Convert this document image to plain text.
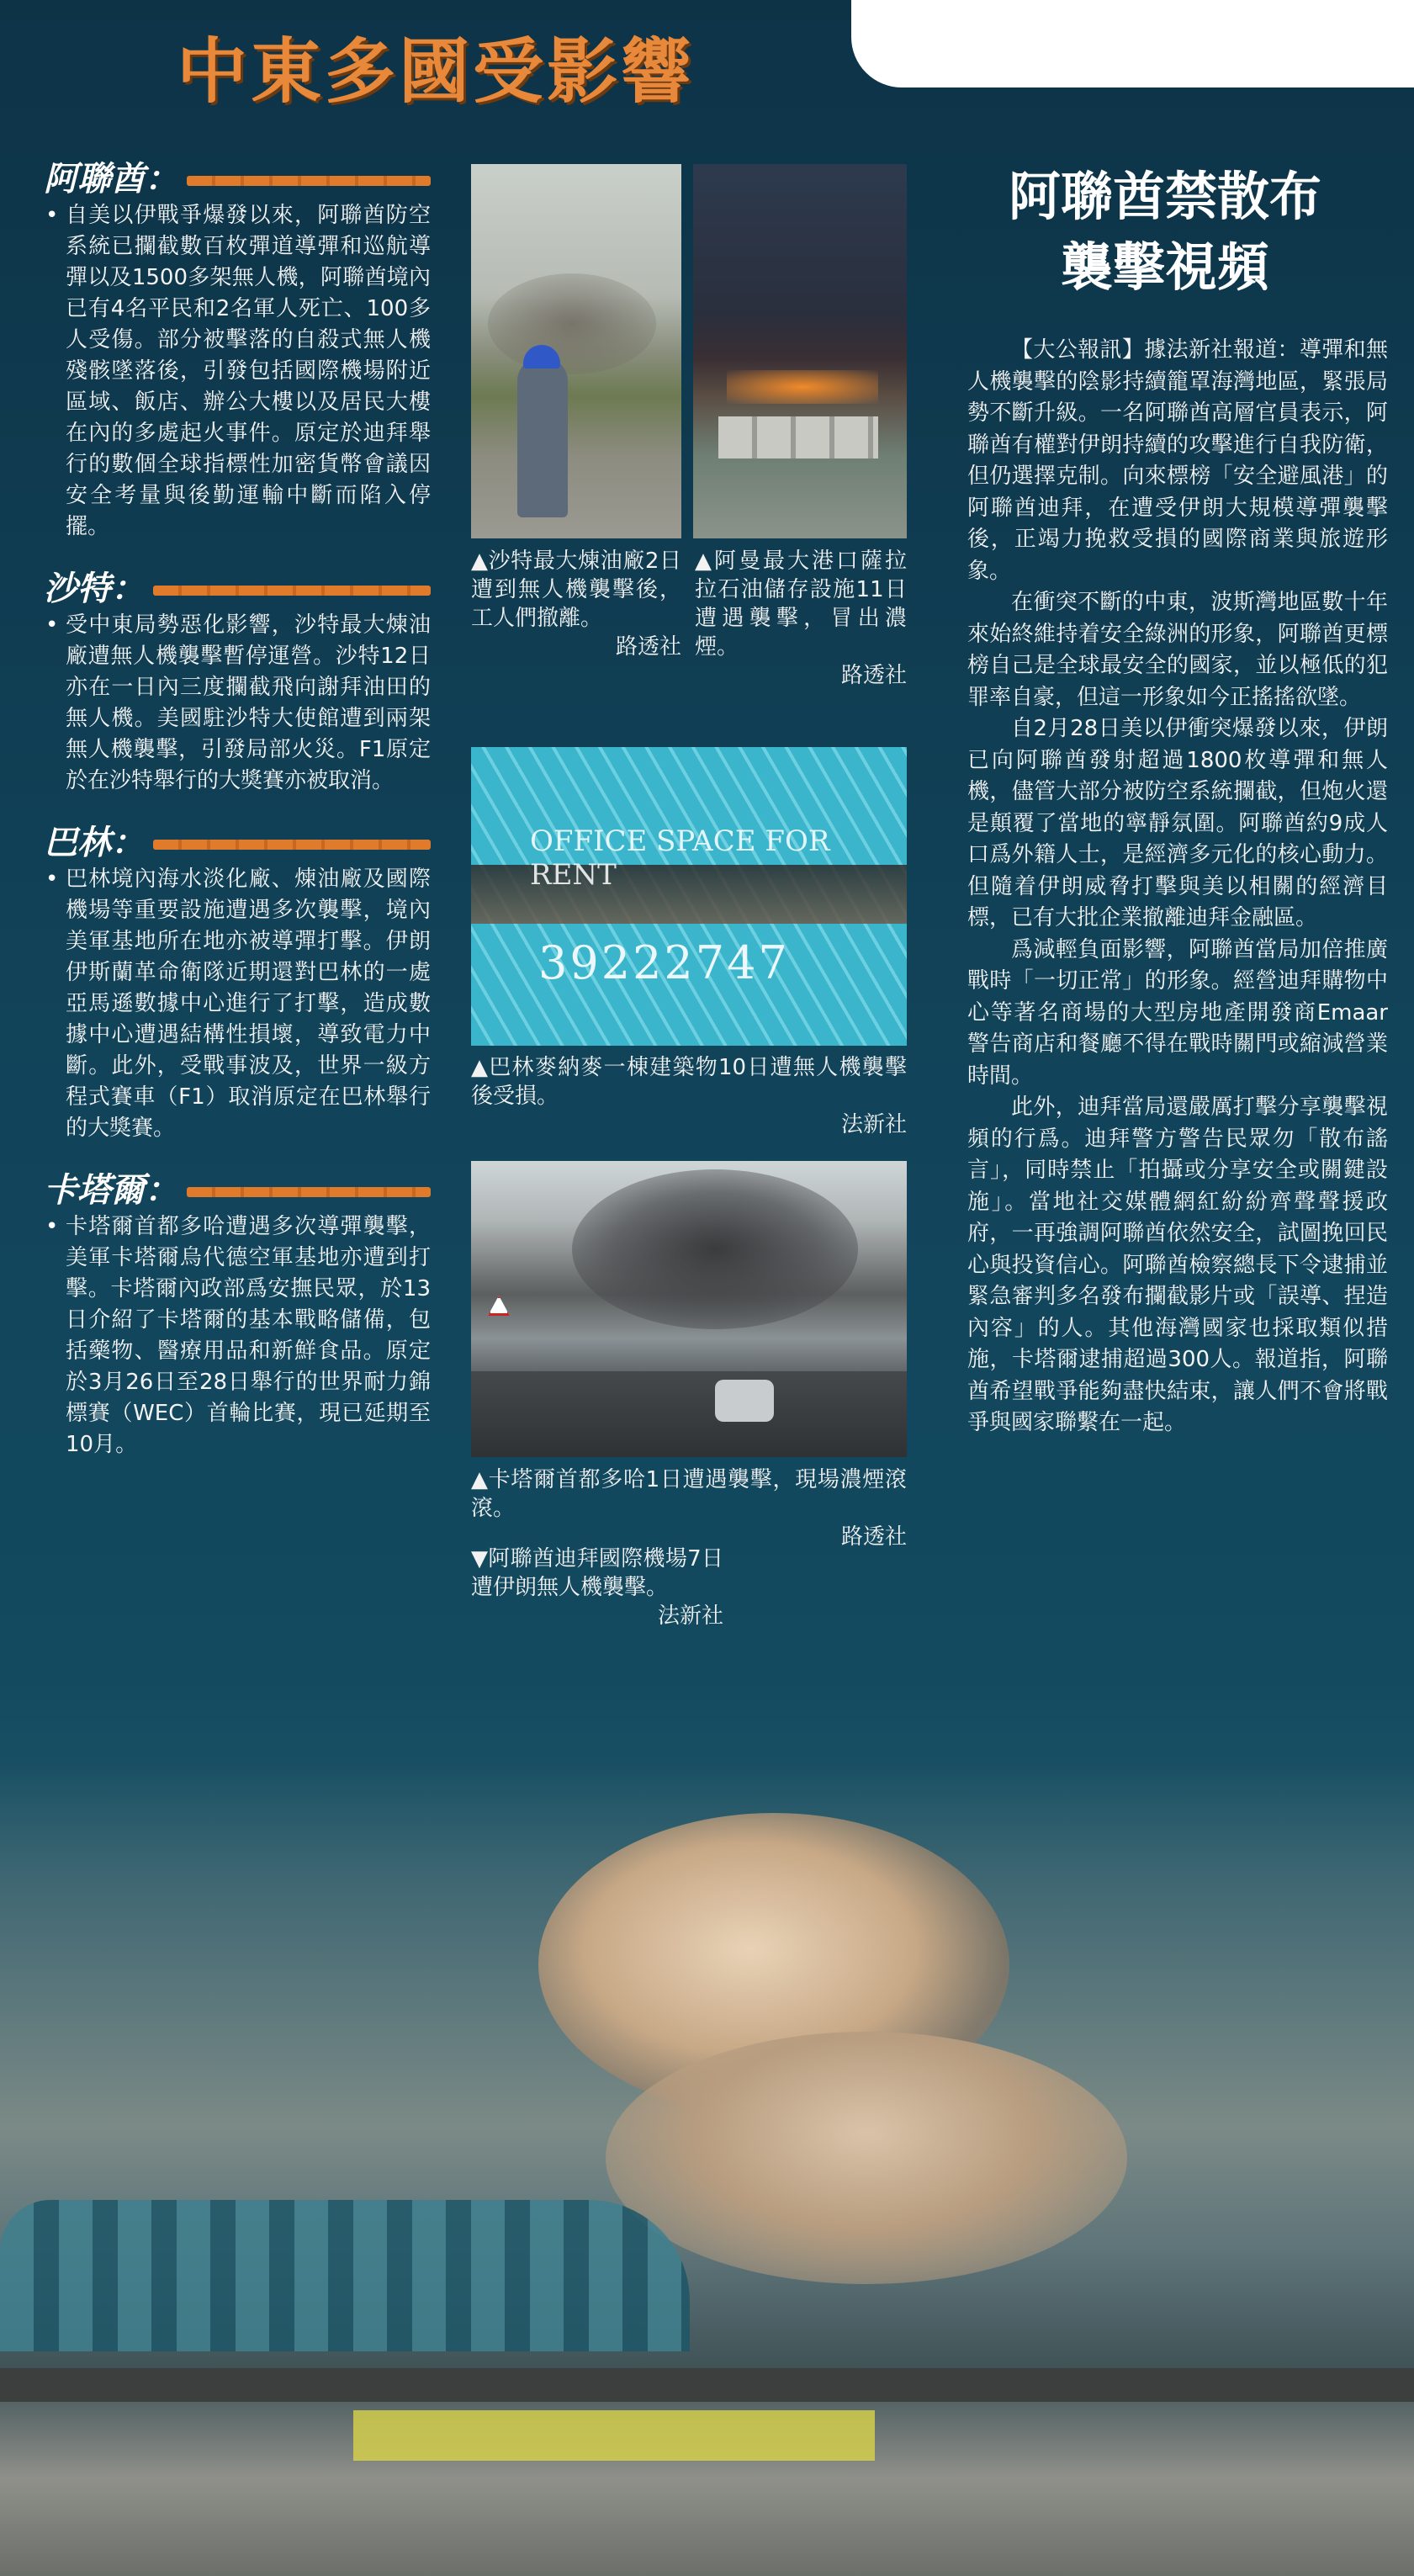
中東多國受影響
阿聯酋：
• 自美以伊戰爭爆發以來，阿聯酋防空系統已攔截數百枚彈道導彈和巡航導彈以及1500多架無人機，阿聯酋境內已有4名平民和2名軍人死亡、100多人受傷。部分被擊落的自殺式無人機殘骸墜落後，引發包括國際機場附近區域、飯店、辦公大樓以及居民大樓在內的多處起火事件。原定於迪拜舉行的數個全球指標性加密貨幣會議因安全考量與後勤運輸中斷而陷入停擺。
沙特：
• 受中東局勢惡化影響，沙特最大煉油廠遭無人機襲擊暫停運營。沙特12日亦在一日內三度攔截飛向謝拜油田的無人機。美國駐沙特大使館遭到兩架無人機襲擊，引發局部火災。F1原定於在沙特舉行的大獎賽亦被取消。
巴林：
• 巴林境內海水淡化廠、煉油廠及國際機場等重要設施遭遇多次襲擊，境內美軍基地所在地亦被導彈打擊。伊朗伊斯蘭革命衛隊近期還對巴林的一處亞馬遜數據中心進行了打擊，造成數據中心遭遇結構性損壞，導致電力中斷。此外，受戰事波及，世界一級方程式賽車（F1）取消原定在巴林舉行的大獎賽。
卡塔爾：
• 卡塔爾首都多哈遭遇多次導彈襲擊，美軍卡塔爾烏代德空軍基地亦遭到打擊。卡塔爾內政部爲安撫民眾，於13日介紹了卡塔爾的基本戰略儲備，包括藥物、醫療用品和新鮮食品。原定於3月26日至28日舉行的世界耐力錦標賽（WEC）首輪比賽，現已延期至10月。
▲沙特最大煉油廠2日遭到無人機襲擊後，工人們撤離。
路透社
▲阿曼最大港口薩拉拉石油儲存設施11日遭遇襲擊，冒出濃煙。
路透社
OFFICE SPACE FOR RENT
39222747
▲巴林麥納麥一棟建築物10日遭無人機襲擊後受損。
法新社
▲卡塔爾首都多哈1日遭遇襲擊，現場濃煙滾滾。
路透社
▼阿聯酋迪拜國際機場7日遭伊朗無人機襲擊。
法新社
阿聯酋禁散布
襲擊視頻

【大公報訊】據法新社報道：導彈和無人機襲擊的陰影持續籠罩海灣地區，緊張局勢不斷升級。一名阿聯酋高層官員表示，阿聯酋有權對伊朗持續的攻擊進行自我防衛，但仍選擇克制。向來標榜「安全避風港」的阿聯酋迪拜，在遭受伊朗大規模導彈襲擊後，正竭力挽救受損的國際商業與旅遊形象。

在衝突不斷的中東，波斯灣地區數十年來始終維持着安全綠洲的形象，阿聯酋更標榜自己是全球最安全的國家，並以極低的犯罪率自豪，但這一形象如今正搖搖欲墜。

自2月28日美以伊衝突爆發以來，伊朗已向阿聯酋發射超過1800枚導彈和無人機，儘管大部分被防空系統攔截，但炮火還是顛覆了當地的寧靜氛圍。阿聯酋約9成人口爲外籍人士，是經濟多元化的核心動力。但隨着伊朗威脅打擊與美以相關的經濟目標，已有大批企業撤離迪拜金融區。

爲減輕負面影響，阿聯酋當局加倍推廣戰時「一切正常」的形象。經營迪拜購物中心等著名商場的大型房地產開發商Emaar警告商店和餐廳不得在戰時關門或縮減營業時間。

此外，迪拜當局還嚴厲打擊分享襲擊視頻的行爲。迪拜警方警告民眾勿「散布謠言」，同時禁止「拍攝或分享安全或關鍵設施」。當地社交媒體網紅紛紛齊聲聲援政府，一再強調阿聯酋依然安全，試圖挽回民心與投資信心。阿聯酋檢察總長下令逮捕並緊急審判多名發布攔截影片或「誤導、捏造內容」的人。其他海灣國家也採取類似措施，卡塔爾逮捕超過300人。報道指，阿聯酋希望戰爭能夠盡快結束，讓人們不會將戰爭與國家聯繫在一起。
